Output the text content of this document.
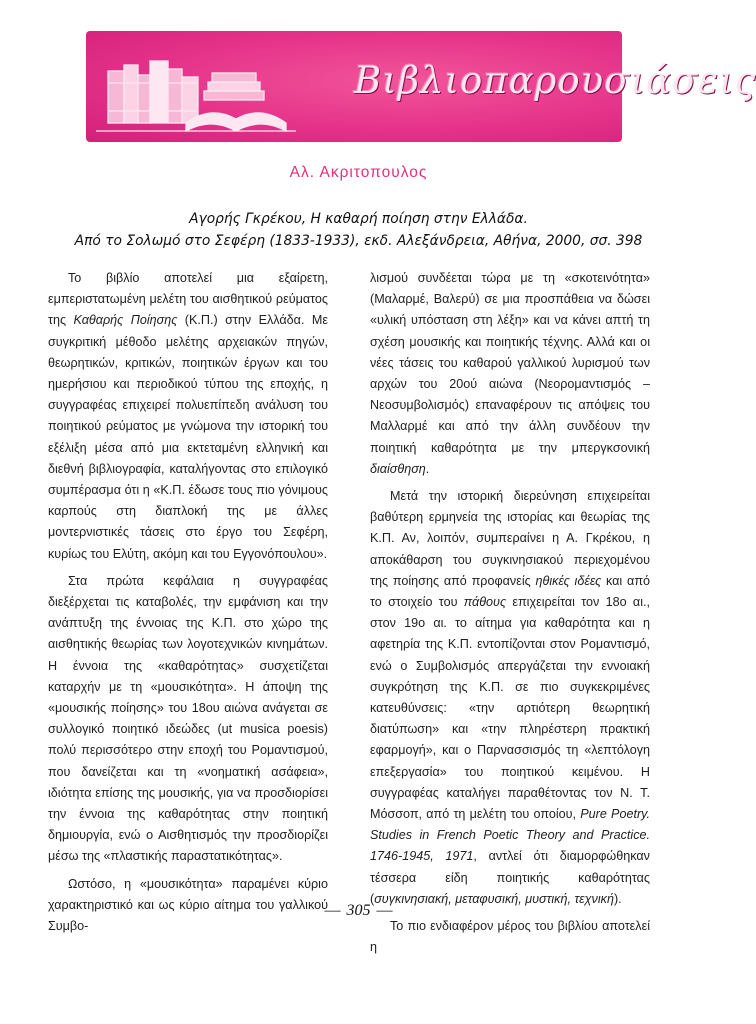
Βιβλιοπαρουσιάσεις
Αλ. Ακριτοπουλος
Αγορής Γκρέκου, Η καθαρή ποίηση στην Ελλάδα.
Από το Σολωμό στο Σεφέρη (1833-1933), εκδ. Αλεξάνδρεια, Αθήνα, 2000, σσ. 398

Το βιβλίο αποτελεί μια εξαίρετη, εμπεριστατωμένη μελέτη του αισθητικού ρεύματος της Καθαρής Ποίησης (Κ.Π.) στην Ελλάδα. Με συγκριτική μέθοδο μελέτης αρχειακών πηγών, θεωρητικών, κριτικών, ποιητικών έργων και του ημερήσιου και περιοδικού τύπου της εποχής, η συγγραφέας επιχειρεί πολυεπίπεδη ανάλυση του ποιητικού ρεύματος με γνώμονα την ιστορική του εξέλιξη μέσα από μια εκτεταμένη ελληνική και διεθνή βιβλιογραφία, καταλήγοντας στο επιλογικό συμπέρασμα ότι η «Κ.Π. έδωσε τους πιο γόνιμους καρπούς στη διαπλοκή της με άλλες μοντερνιστικές τάσεις στο έργο του Σεφέρη, κυρίως του Ελύτη, ακόμη και του Εγγονόπουλου».

Στα πρώτα κεφάλαια η συγγραφέας διεξέρχεται τις καταβολές, την εμφάνιση και την ανάπτυξη της έννοιας της Κ.Π. στο χώρο της αισθητικής θεωρίας των λογοτεχνικών κινημάτων. Η έννοια της «καθαρότητας» συσχετίζεται καταρχήν με τη «μουσικότητα». Η άποψη της «μουσικής ποίησης» του 18ου αιώνα ανάγεται σε συλλογικό ποιητικό ιδεώδες (ut musica poesis) πολύ περισσότερο στην εποχή του Ρομαντισμού, που δανείζεται και τη «νοηματική ασάφεια», ιδιότητα επίσης της μουσικής, για να προσδιορίσει την έννοια της καθαρότητας στην ποιητική δημιουργία, ενώ ο Αισθητισμός την προσδιορίζει μέσω της «πλαστικής παραστατικότητας».

Ωστόσο, η «μουσικότητα» παραμένει κύριο χαρακτηριστικό και ως κύριο αίτημα του γαλλικού Συμβο-

λισμού συνδέεται τώρα με τη «σκοτεινότητα» (Μαλαρμέ, Βαλερύ) σε μια προσπάθεια να δώσει «υλική υπόσταση στη λέξη» και να κάνει απτή τη σχέση μουσικής και ποιητικής τέχνης. Αλλά και οι νέες τάσεις του καθαρού γαλλικού λυρισμού των αρχών του 20ού αιώνα (Νεορομαντισμός – Νεοσυμβολισμός) επαναφέρουν τις απόψεις του Μαλλαρμέ και από την άλλη συνδέουν την ποιητική καθαρότητα με την μπεργκσονική διαίσθηση.

Μετά την ιστορική διερεύνηση επιχειρείται βαθύτερη ερμηνεία της ιστορίας και θεωρίας της Κ.Π. Αν, λοιπόν, συμπεραίνει η Α. Γκρέκου, η αποκάθαρση του συγκινησιακού περιεχομένου της ποίησης από προφανείς ηθικές ιδέες και από το στοιχείο του πάθους επιχειρείται τον 18ο αι., στον 19ο αι. το αίτημα για καθαρότητα και η αφετηρία της Κ.Π. εντοπίζονται στον Ρομαντισμό, ενώ ο Συμβολισμός απεργάζεται την εννοιακή συγκρότηση της Κ.Π. σε πιο συγκεκριμένες κατευθύνσεις: «την αρτιότερη θεωρητική διατύπωση» και «την πληρέστερη πρακτική εφαρμογή», και ο Παρνασσισμός τη «λεπτόλογη επεξεργασία» του ποιητικού κειμένου. Η συγγραφέας καταλήγει παραθέτοντας τον Ν. Τ. Μόσσοπ, από τη μελέτη του οποίου, Pure Poetry. Studies in French Poetic Theory and Practice. 1746-1945, 1971, αντλεί ότι διαμορφώθηκαν τέσσερα είδη ποιητικής καθαρότητας (συγκινησιακή, μεταφυσική, μυστική, τεχνική).

Το πιο ενδιαφέρον μέρος του βιβλίου αποτελεί η

— 305 —
